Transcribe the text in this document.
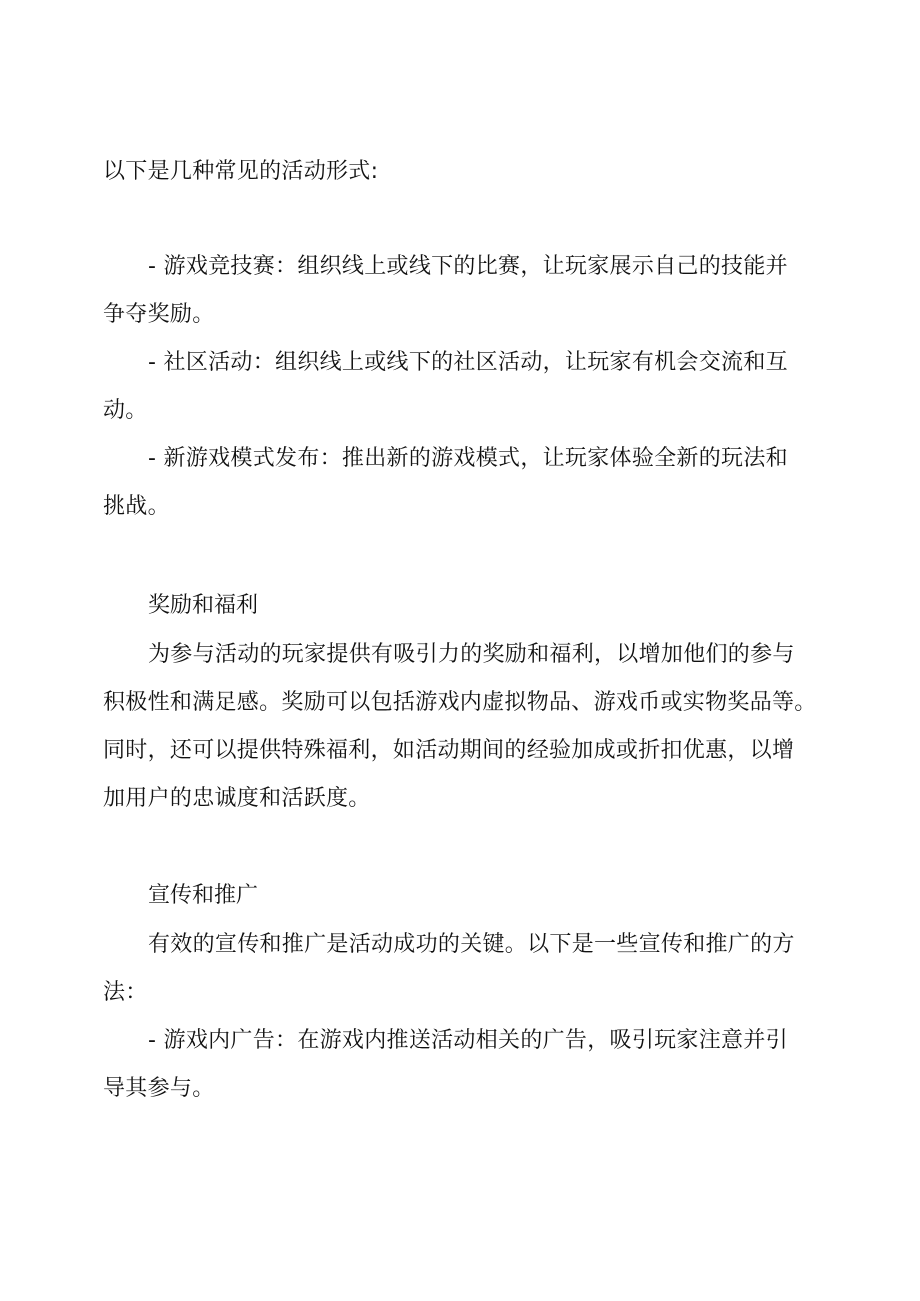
以下是几种常见的活动形式:
- 游戏竞技赛：组织线上或线下的比赛，让玩家展示自己的技能并
争夺奖励。
- 社区活动：组织线上或线下的社区活动，让玩家有机会交流和互
动。
- 新游戏模式发布：推出新的游戏模式，让玩家体验全新的玩法和
挑战。
奖励和福利
为参与活动的玩家提供有吸引力的奖励和福利，以增加他们的参与
积极性和满足感。奖励可以包括游戏内虚拟物品、游戏币或实物奖品等。
同时，还可以提供特殊福利，如活动期间的经验加成或折扣优惠，以增
加用户的忠诚度和活跃度。
宣传和推广
有效的宣传和推广是活动成功的关键。以下是一些宣传和推广的方
法：
- 游戏内广告：在游戏内推送活动相关的广告，吸引玩家注意并引
导其参与。
